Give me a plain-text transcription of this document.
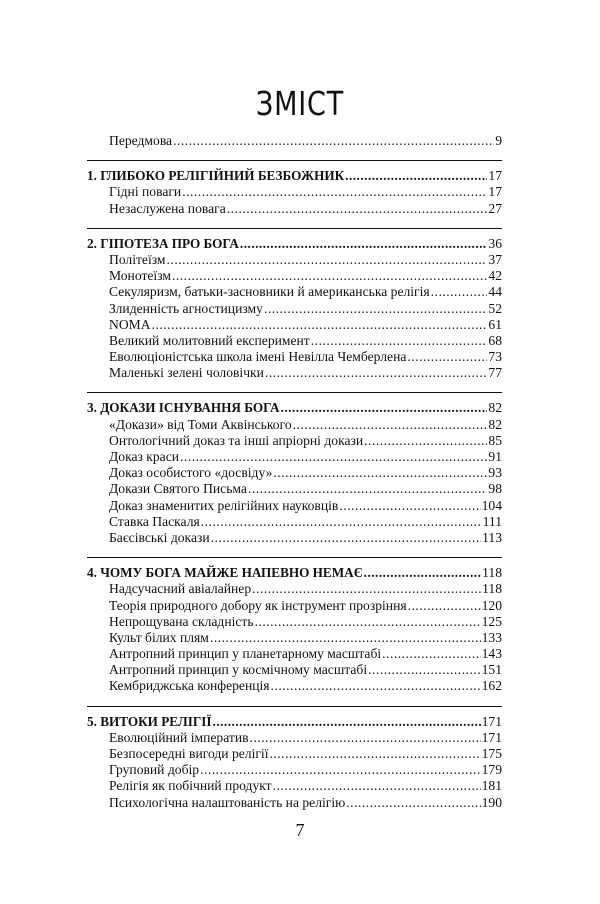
ЗМІСТ
Передмова .....	9
1. ГЛИБОКО РЕЛІГІЙНИЙ БЕЗБОЖНИК .....	17
Гідні поваги .....	17
Незаслужена повага .....	27
2. ГІПОТЕЗА ПРО БОГА .....	36
Політеїзм .....	37
Монотеїзм .....	42
Секуляризм, батьки-засновники й американська релігія .....	44
Злиденність агностицизму .....	52
NOMA .....	61
Великий молитовний експеримент .....	68
Еволюціоністська школа імені Невілла Чемберлена .....	73
Маленькі зелені чоловічки .....	77
3. ДОКАЗИ ІСНУВАННЯ БОГА .....	82
«Докази» від Томи Аквінського .....	82
Онтологічний доказ та інші апріорні докази .....	85
Доказ краси .....	91
Доказ особистого «досвіду» .....	93
Докази Святого Письма .....	98
Доказ знаменитих релігійних науковців .....	104
Ставка Паскаля .....	111
Баєсівські докази .....	113
4. ЧОМУ БОГА МАЙЖЕ НАПЕВНО НЕМАЄ .....	118
Надсучасний авіалайнер .....	118
Теорія природного добору як інструмент прозріння .....	120
Непрощувана складність .....	125
Культ білих плям .....	133
Антропний принцип у планетарному масштабі .....	143
Антропний принцип у космічному масштабі .....	151
Кембриджська конференція .....	162
5. ВИТОКИ РЕЛІГІЇ .....	171
Еволюційний імператив .....	171
Безпосередні вигоди релігії .....	175
Груповий добір .....	179
Релігія як побічний продукт .....	181
Психологічна налаштованість на релігію .....	190
7
